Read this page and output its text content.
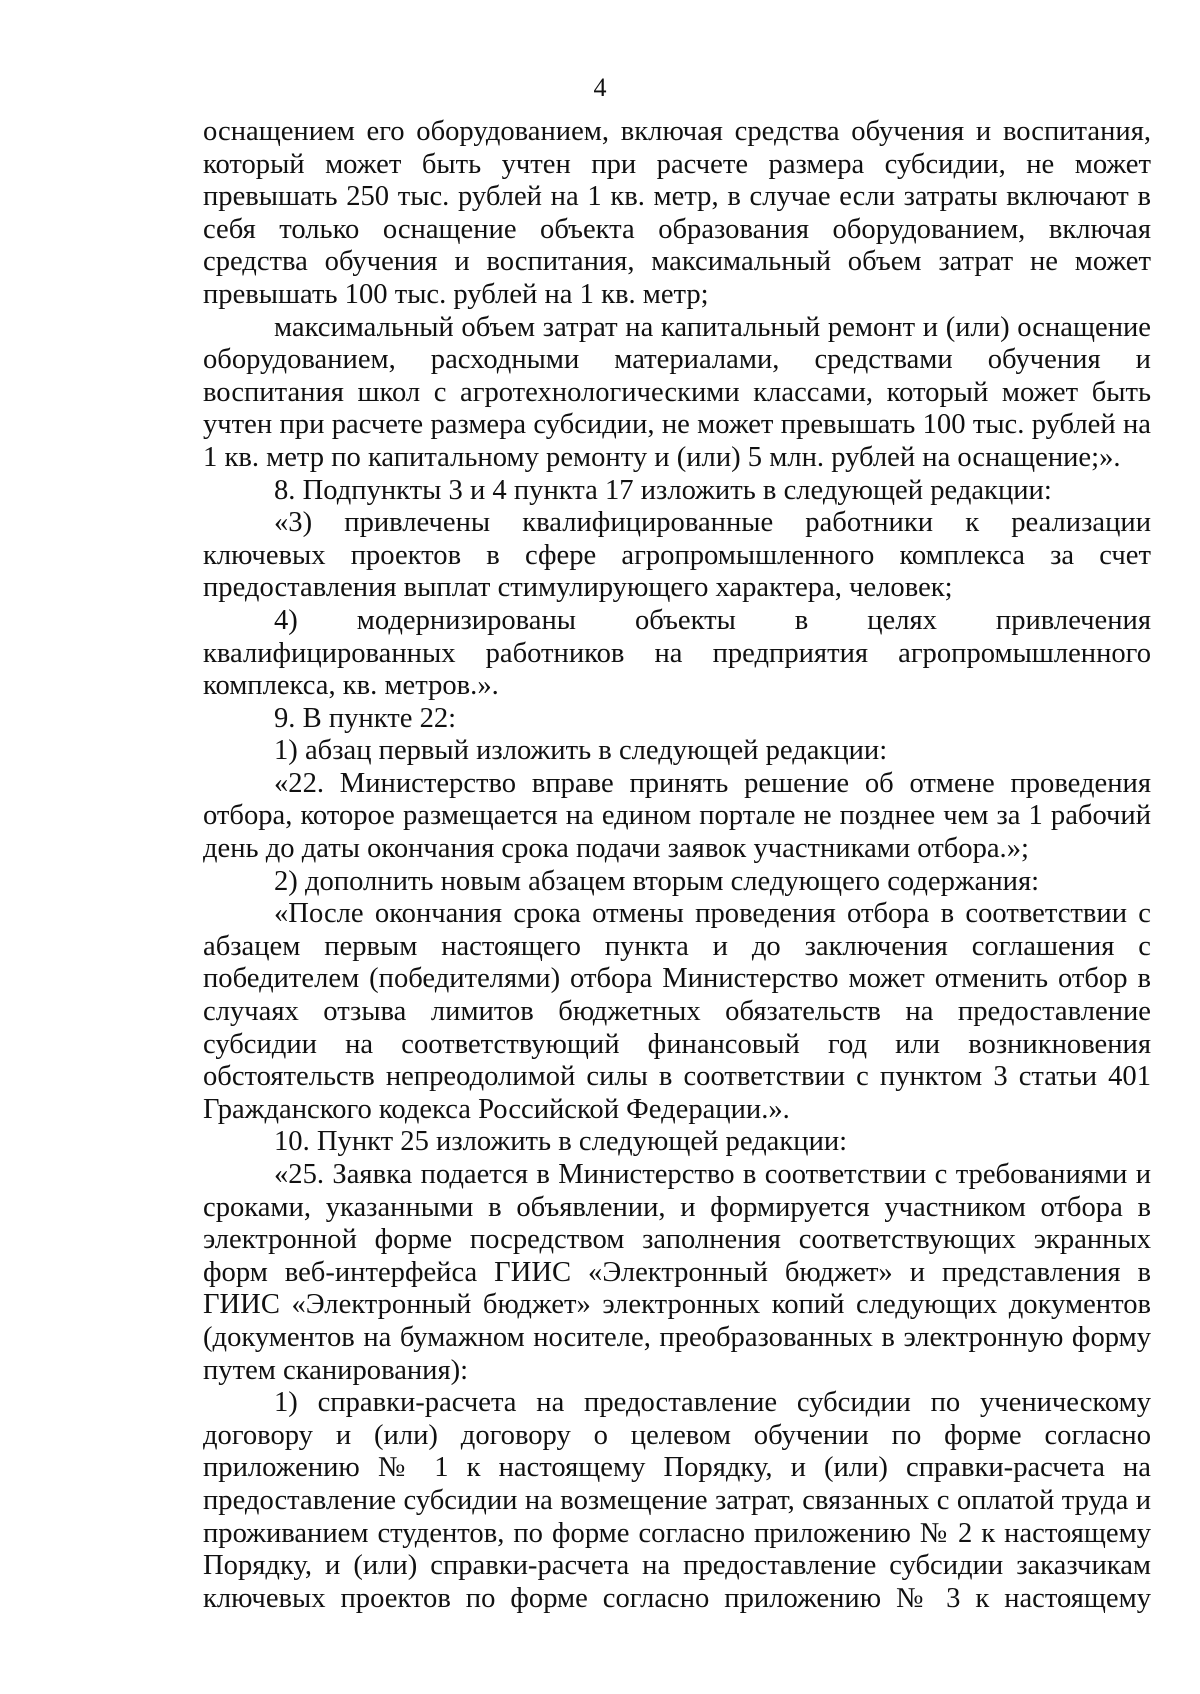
4

оснащением его оборудованием, включая средства обучения и воспитания, который может быть учтен при расчете размера субсидии, не может превышать 250 тыс. рублей на 1 кв. метр, в случае если затраты включают в себя только оснащение объекта образования оборудованием, включая средства обучения и воспитания, максимальный объем затрат не может превышать 100 тыс. рублей на 1 кв. метр;

максимальный объем затрат на капитальный ремонт и (или) оснащение оборудованием, расходными материалами, средствами обучения и воспитания школ с агротехнологическими классами, который может быть учтен при расчете размера субсидии, не может превышать 100 тыс. рублей на 1 кв. метр по капитальному ремонту и (или) 5 млн. рублей на оснащение;».

8. Подпункты 3 и 4 пункта 17 изложить в следующей редакции:

«3) привлечены квалифицированные работники к реализации ключевых проектов в сфере агропромышленного комплекса за счет предоставления выплат стимулирующего характера, человек;

4) модернизированы объекты в целях привлечения квалифицированных работников на предприятия агропромышленного комплекса, кв. метров.».

9. В пункте 22:

1) абзац первый изложить в следующей редакции:

«22. Министерство вправе принять решение об отмене проведения отбора, которое размещается на едином портале не позднее чем за 1 рабочий день до даты окончания срока подачи заявок участниками отбора.»;

2) дополнить новым абзацем вторым следующего содержания:

«После окончания срока отмены проведения отбора в соответствии с абзацем первым настоящего пункта и до заключения соглашения с победителем (победителями) отбора Министерство может отменить отбор в случаях отзыва лимитов бюджетных обязательств на предоставление субсидии на соответствующий финансовый год или возникновения обстоятельств непреодолимой силы в соответствии с пунктом 3 статьи 401 Гражданского кодекса Российской Федерации.».

10. Пункт 25 изложить в следующей редакции:

«25. Заявка подается в Министерство в соответствии с требованиями и сроками, указанными в объявлении, и формируется участником отбора в электронной форме посредством заполнения соответствующих экранных форм веб-интерфейса ГИИС «Электронный бюджет» и представления в ГИИС «Электронный бюджет» электронных копий следующих документов (документов на бумажном носителе, преобразованных в электронную форму путем сканирования):

1) справки-расчета на предоставление субсидии по ученическому договору и (или) договору о целевом обучении по форме согласно приложению № 1 к настоящему Порядку, и (или) справки-расчета на предоставление субсидии на возмещение затрат, связанных с оплатой труда и проживанием студентов, по форме согласно приложению № 2 к настоящему Порядку, и (или) справки-расчета на предоставление субсидии заказчикам ключевых проектов по форме согласно приложению № 3 к настоящему
